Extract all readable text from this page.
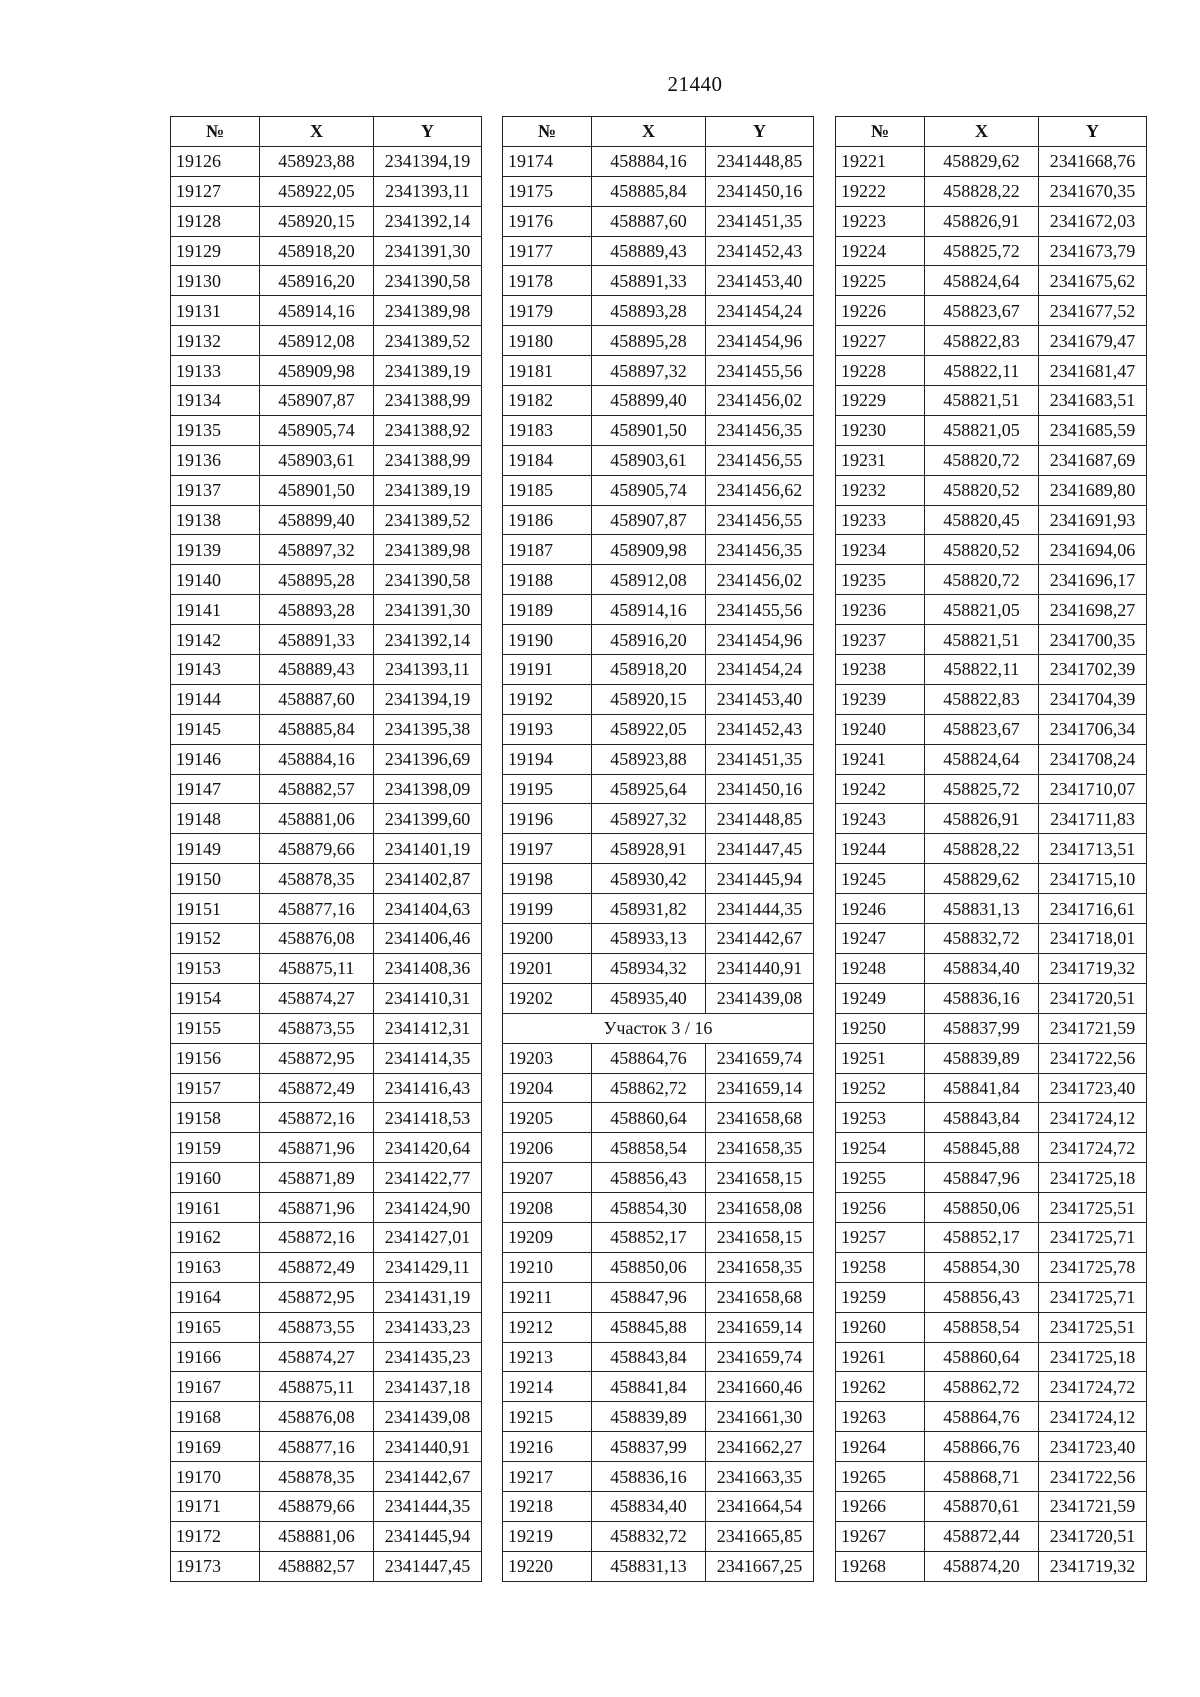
21440
№	X	Y
19126	458923,88	2341394,19
19127	458922,05	2341393,11
19128	458920,15	2341392,14
19129	458918,20	2341391,30
19130	458916,20	2341390,58
19131	458914,16	2341389,98
19132	458912,08	2341389,52
19133	458909,98	2341389,19
19134	458907,87	2341388,99
19135	458905,74	2341388,92
19136	458903,61	2341388,99
19137	458901,50	2341389,19
19138	458899,40	2341389,52
19139	458897,32	2341389,98
19140	458895,28	2341390,58
19141	458893,28	2341391,30
19142	458891,33	2341392,14
19143	458889,43	2341393,11
19144	458887,60	2341394,19
19145	458885,84	2341395,38
19146	458884,16	2341396,69
19147	458882,57	2341398,09
19148	458881,06	2341399,60
19149	458879,66	2341401,19
19150	458878,35	2341402,87
19151	458877,16	2341404,63
19152	458876,08	2341406,46
19153	458875,11	2341408,36
19154	458874,27	2341410,31
19155	458873,55	2341412,31
19156	458872,95	2341414,35
19157	458872,49	2341416,43
19158	458872,16	2341418,53
19159	458871,96	2341420,64
19160	458871,89	2341422,77
19161	458871,96	2341424,90
19162	458872,16	2341427,01
19163	458872,49	2341429,11
19164	458872,95	2341431,19
19165	458873,55	2341433,23
19166	458874,27	2341435,23
19167	458875,11	2341437,18
19168	458876,08	2341439,08
19169	458877,16	2341440,91
19170	458878,35	2341442,67
19171	458879,66	2341444,35
19172	458881,06	2341445,94
19173	458882,57	2341447,45
№	X	Y
19174	458884,16	2341448,85
19175	458885,84	2341450,16
19176	458887,60	2341451,35
19177	458889,43	2341452,43
19178	458891,33	2341453,40
19179	458893,28	2341454,24
19180	458895,28	2341454,96
19181	458897,32	2341455,56
19182	458899,40	2341456,02
19183	458901,50	2341456,35
19184	458903,61	2341456,55
19185	458905,74	2341456,62
19186	458907,87	2341456,55
19187	458909,98	2341456,35
19188	458912,08	2341456,02
19189	458914,16	2341455,56
19190	458916,20	2341454,96
19191	458918,20	2341454,24
19192	458920,15	2341453,40
19193	458922,05	2341452,43
19194	458923,88	2341451,35
19195	458925,64	2341450,16
19196	458927,32	2341448,85
19197	458928,91	2341447,45
19198	458930,42	2341445,94
19199	458931,82	2341444,35
19200	458933,13	2341442,67
19201	458934,32	2341440,91
19202	458935,40	2341439,08
Участок 3 / 16		
19203	458864,76	2341659,74
19204	458862,72	2341659,14
19205	458860,64	2341658,68
19206	458858,54	2341658,35
19207	458856,43	2341658,15
19208	458854,30	2341658,08
19209	458852,17	2341658,15
19210	458850,06	2341658,35
19211	458847,96	2341658,68
19212	458845,88	2341659,14
19213	458843,84	2341659,74
19214	458841,84	2341660,46
19215	458839,89	2341661,30
19216	458837,99	2341662,27
19217	458836,16	2341663,35
19218	458834,40	2341664,54
19219	458832,72	2341665,85
19220	458831,13	2341667,25
№	X	Y
19221	458829,62	2341668,76
19222	458828,22	2341670,35
19223	458826,91	2341672,03
19224	458825,72	2341673,79
19225	458824,64	2341675,62
19226	458823,67	2341677,52
19227	458822,83	2341679,47
19228	458822,11	2341681,47
19229	458821,51	2341683,51
19230	458821,05	2341685,59
19231	458820,72	2341687,69
19232	458820,52	2341689,80
19233	458820,45	2341691,93
19234	458820,52	2341694,06
19235	458820,72	2341696,17
19236	458821,05	2341698,27
19237	458821,51	2341700,35
19238	458822,11	2341702,39
19239	458822,83	2341704,39
19240	458823,67	2341706,34
19241	458824,64	2341708,24
19242	458825,72	2341710,07
19243	458826,91	2341711,83
19244	458828,22	2341713,51
19245	458829,62	2341715,10
19246	458831,13	2341716,61
19247	458832,72	2341718,01
19248	458834,40	2341719,32
19249	458836,16	2341720,51
19250	458837,99	2341721,59
19251	458839,89	2341722,56
19252	458841,84	2341723,40
19253	458843,84	2341724,12
19254	458845,88	2341724,72
19255	458847,96	2341725,18
19256	458850,06	2341725,51
19257	458852,17	2341725,71
19258	458854,30	2341725,78
19259	458856,43	2341725,71
19260	458858,54	2341725,51
19261	458860,64	2341725,18
19262	458862,72	2341724,72
19263	458864,76	2341724,12
19264	458866,76	2341723,40
19265	458868,71	2341722,56
19266	458870,61	2341721,59
19267	458872,44	2341720,51
19268	458874,20	2341719,32
